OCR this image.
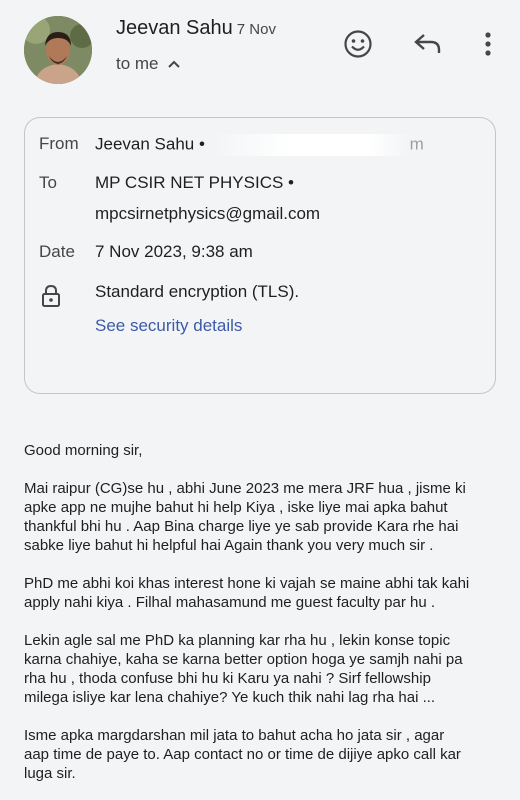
Jeevan Sahu 7 Nov
to me
From Jeevan Sahu •	m
To MP CSIR NET PHYSICS •
mpcsirnetphysics@gmail.com
Date 7 Nov 2023, 9:38 am
Standard encryption (TLS).
See security details

Good morning sir,

Mai raipur (CG)se hu , abhi June 2023 me mera JRF hua , jisme ki
apke app ne mujhe bahut hi help Kiya , iske liye mai apka bahut
thankful bhi hu . Aap Bina charge liye ye sab provide Kara rhe hai
sabke liye bahut hi helpful hai Again thank you very much sir .

PhD me abhi koi khas interest hone ki vajah se maine abhi tak kahi
apply nahi kiya . Filhal mahasamund me guest faculty par hu .

Lekin agle sal me PhD ka planning kar rha hu , lekin konse topic
karna chahiye, kaha se karna better option hoga ye samjh nahi pa
rha hu , thoda confuse bhi hu ki Karu ya nahi ? Sirf fellowship
milega isliye kar lena chahiye? Ye kuch thik nahi lag rha hai ...

Isme apka margdarshan mil jata to bahut acha ho jata sir , agar
aap time de paye to. Aap contact no or time de dijiye apko call kar
luga sir.
